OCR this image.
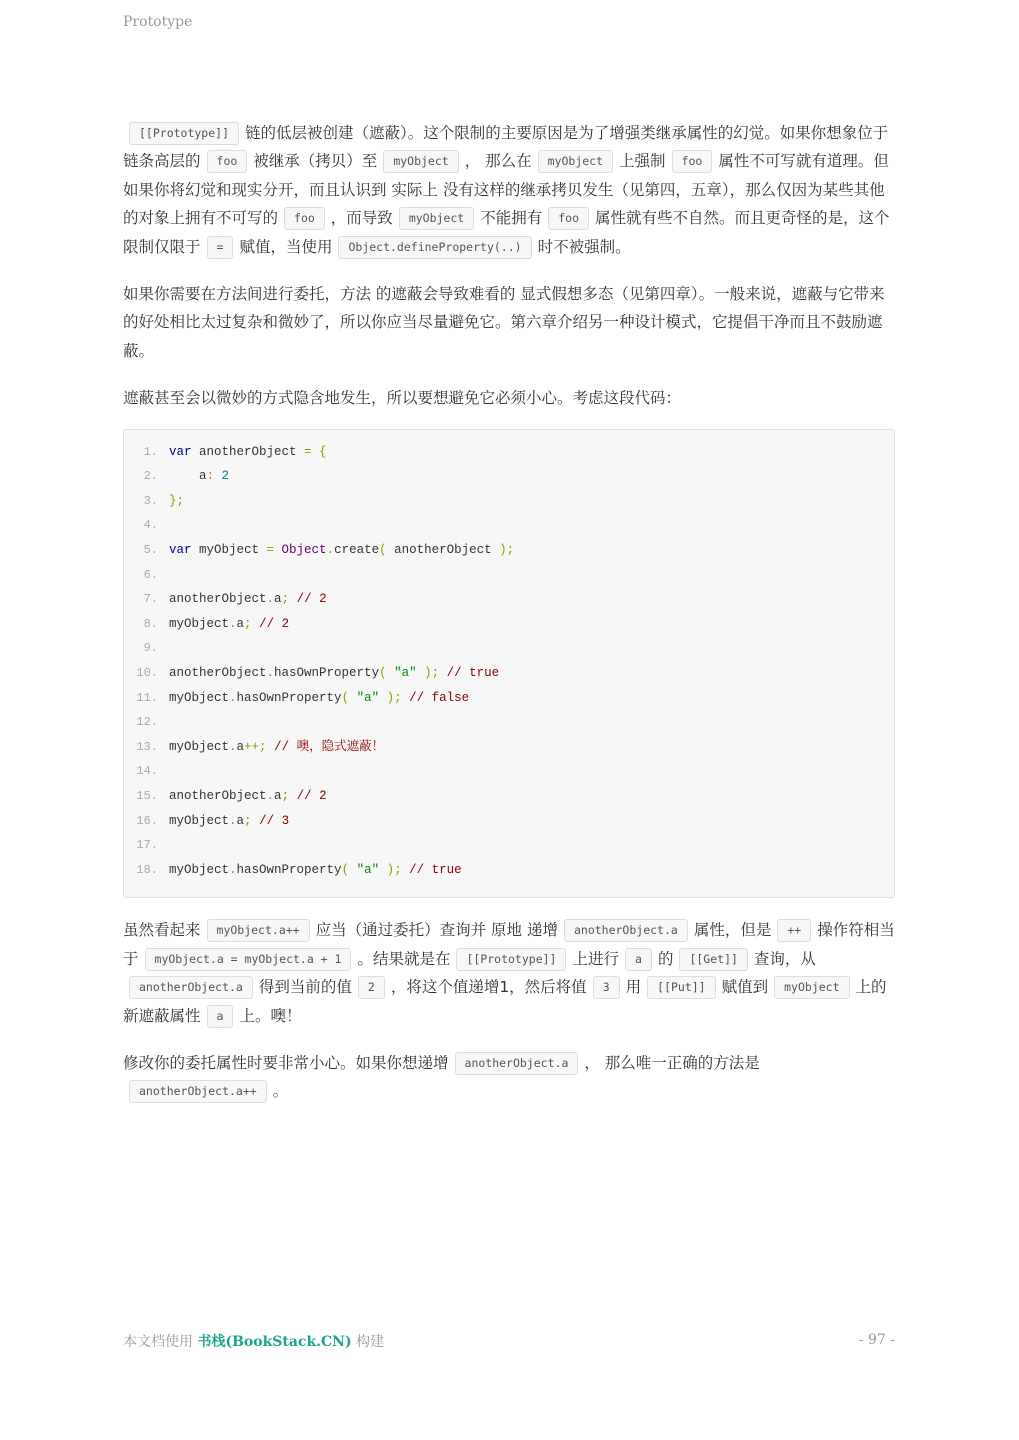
Prototype

[[Prototype]] 链的低层被创建（遮蔽）。这个限制的主要原因是为了增强类继承属性的幻觉。如果你想象位于链条高层的 foo 被继承（拷贝）至 myObject ， 那么在 myObject 上强制 foo 属性不可写就有道理。但如果你将幻觉和现实分开，而且认识到 实际上 没有这样的继承拷贝发生（见第四，五章），那么仅因为某些其他的对象上拥有不可写的 foo ，而导致 myObject 不能拥有 foo 属性就有些不自然。而且更奇怪的是，这个限制仅限于 = 赋值，当使用 Object.defineProperty(..) 时不被强制。

如果你需要在方法间进行委托，方法 的遮蔽会导致难看的 显式假想多态（见第四章）。一般来说，遮蔽与它带来的好处相比太过复杂和微妙了，所以你应当尽量避免它。第六章介绍另一种设计模式，它提倡干净而且不鼓励遮蔽。

遮蔽甚至会以微妙的方式隐含地发生，所以要想避免它必须小心。考虑这段代码：

1. var anotherObject = {
2. a : 2
3. };
4.
5. var myObject = Object . create ( anotherObject );
6.
7. anotherObject . a ; // 2
8. myObject . a ; // 2
9.
10. anotherObject . hasOwnProperty ( "a" ); // true
11. myObject . hasOwnProperty ( "a" ); // false
12.
13. myObject . a ++; // 噢，隐式遮蔽！
14.
15. anotherObject . a ; // 2
16. myObject . a ; // 3
17.
18. myObject . hasOwnProperty ( "a" ); // true

虽然看起来 myObject.a++ 应当（通过委托）查询并 原地 递增 anotherObject.a 属性，但是 ++ 操作符相当于 myObject.a = myObject.a + 1 。结果就是在 [[Prototype]] 上进行 a 的 [[Get]] 查询，从anotherObject.a 得到当前的值 2 ，将这个值递增1，然后将值 3 用 [[Put]] 赋值到 myObject 上的新遮蔽属性 a 上。噢！

修改你的委托属性时要非常小心。如果你想递增 anotherObject.a ， 那么唯一正确的方法是anotherObject.a++ 。

本文档使用 书栈(BookStack.CN) 构建	- 97 -
